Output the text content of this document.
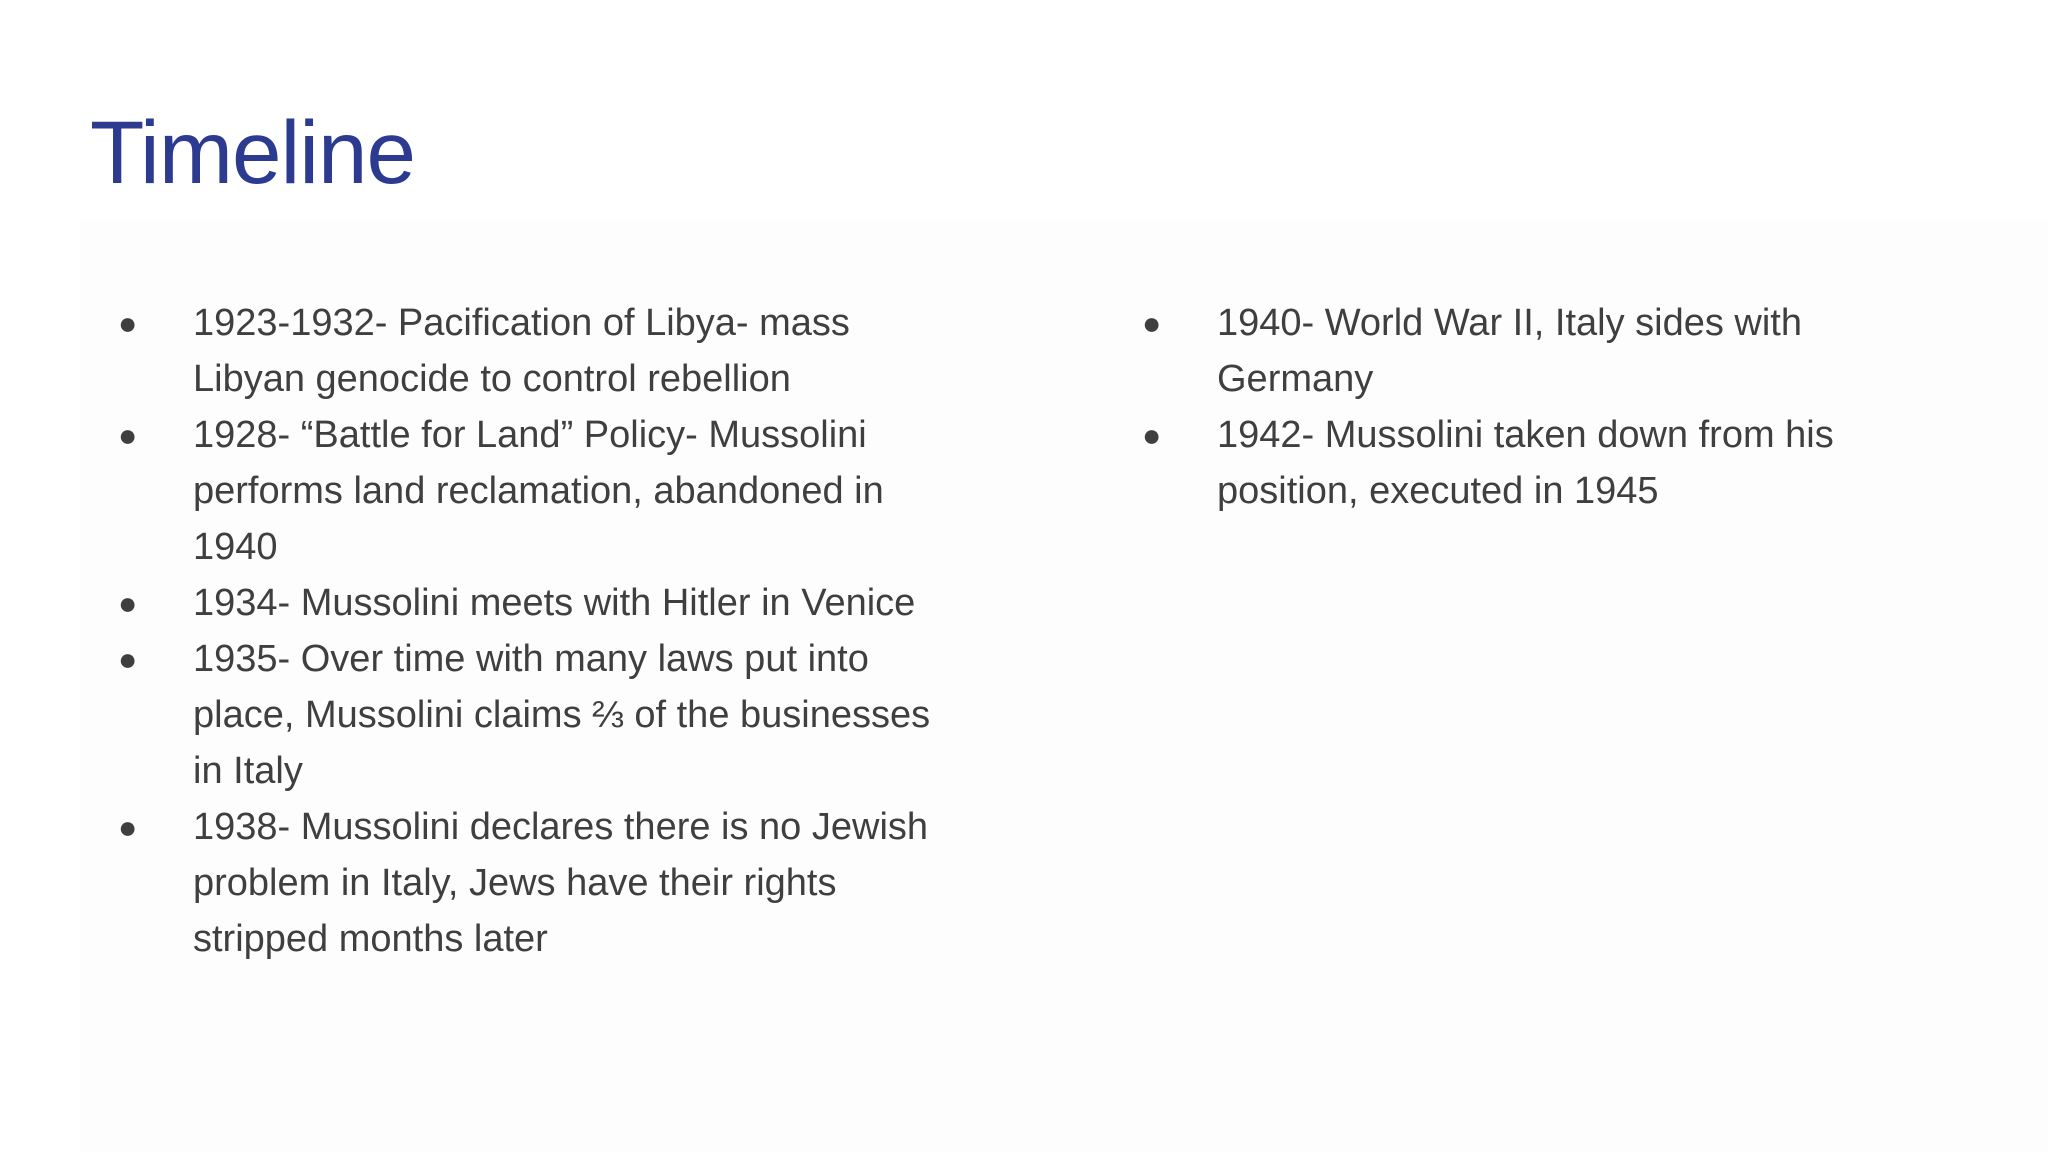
Timeline
● 1923-1932- Pacification of Libya- mass Libyan genocide to control rebellion
● 1928- “Battle for Land” Policy- Mussolini performs land reclamation, abandoned in 1940
● 1934- Mussolini meets with Hitler in Venice
● 1935- Over time with many laws put into place, Mussolini claims ⅔ of the businesses in Italy
● 1938- Mussolini declares there is no Jewish problem in Italy, Jews have their rights stripped months later
● 1940- World War II, Italy sides with Germany
● 1942- Mussolini taken down from his position, executed in 1945
